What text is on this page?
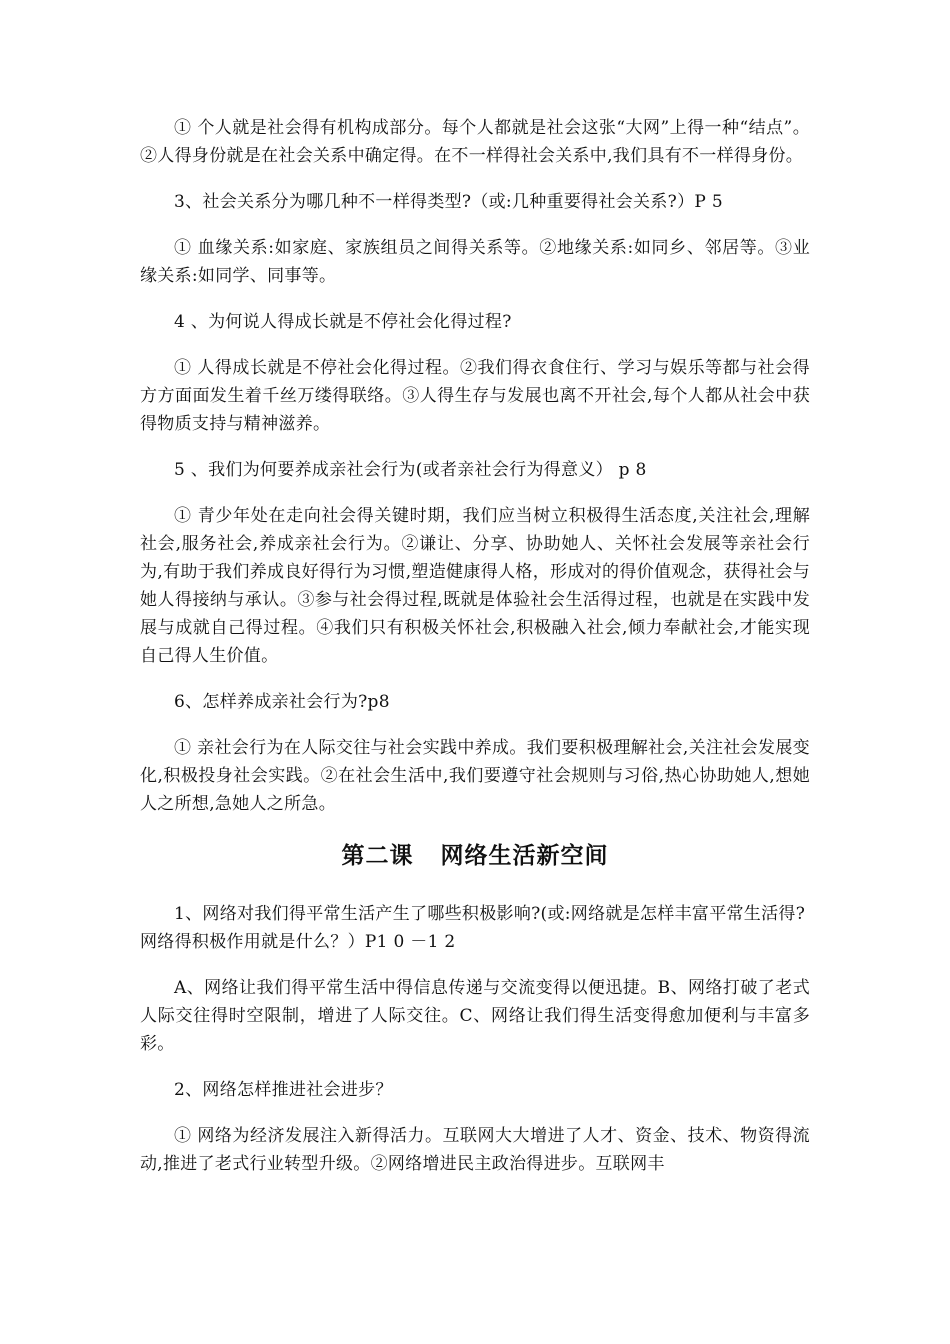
① 个人就是社会得有机构成部分。每个人都就是社会这张“大网”上得一种“结点”。②人得身份就是在社会关系中确定得。在不一样得社会关系中,我们具有不一样得身份。

3、社会关系分为哪几种不一样得类型?（或:几种重要得社会关系?）P 5

① 血缘关系:如家庭、家族组员之间得关系等。②地缘关系:如同乡、邻居等。③业缘关系:如同学、同事等。

4 、为何说人得成长就是不停社会化得过程?

① 人得成长就是不停社会化得过程。②我们得衣食住行、学习与娱乐等都与社会得方方面面发生着千丝万缕得联络。③人得生存与发展也离不开社会,每个人都从社会中获得物质支持与精神滋养。

5 、我们为何要养成亲社会行为(或者亲社会行为得意义） p 8

① 青少年处在走向社会得关键时期，我们应当树立积极得生活态度,关注社会,理解社会,服务社会,养成亲社会行为。②谦让、分享、协助她人、关怀社会发展等亲社会行为,有助于我们养成良好得行为习惯,塑造健康得人格，形成对的得价值观念，获得社会与她人得接纳与承认。③参与社会得过程,既就是体验社会生活得过程，也就是在实践中发展与成就自己得过程。④我们只有积极关怀社会,积极融入社会,倾力奉献社会,才能实现自己得人生价值。

6、怎样养成亲社会行为?p8

① 亲社会行为在人际交往与社会实践中养成。我们要积极理解社会,关注社会发展变化,积极投身社会实践。②在社会生活中,我们要遵守社会规则与习俗,热心协助她人,想她人之所想,急她人之所急。

第二课   网络生活新空间

1、网络对我们得平常生活产生了哪些积极影响?(或:网络就是怎样丰富平常生活得?网络得积极作用就是什么？）P1 0 －1 2

A、网络让我们得平常生活中得信息传递与交流变得以便迅捷。B、网络打破了老式人际交往得时空限制，增进了人际交往。C、网络让我们得生活变得愈加便利与丰富多彩。

2、网络怎样推进社会进步？

① 网络为经济发展注入新得活力。互联网大大增进了人才、资金、技术、物资得流动,推进了老式行业转型升级。②网络增进民主政治得进步。互联网丰
